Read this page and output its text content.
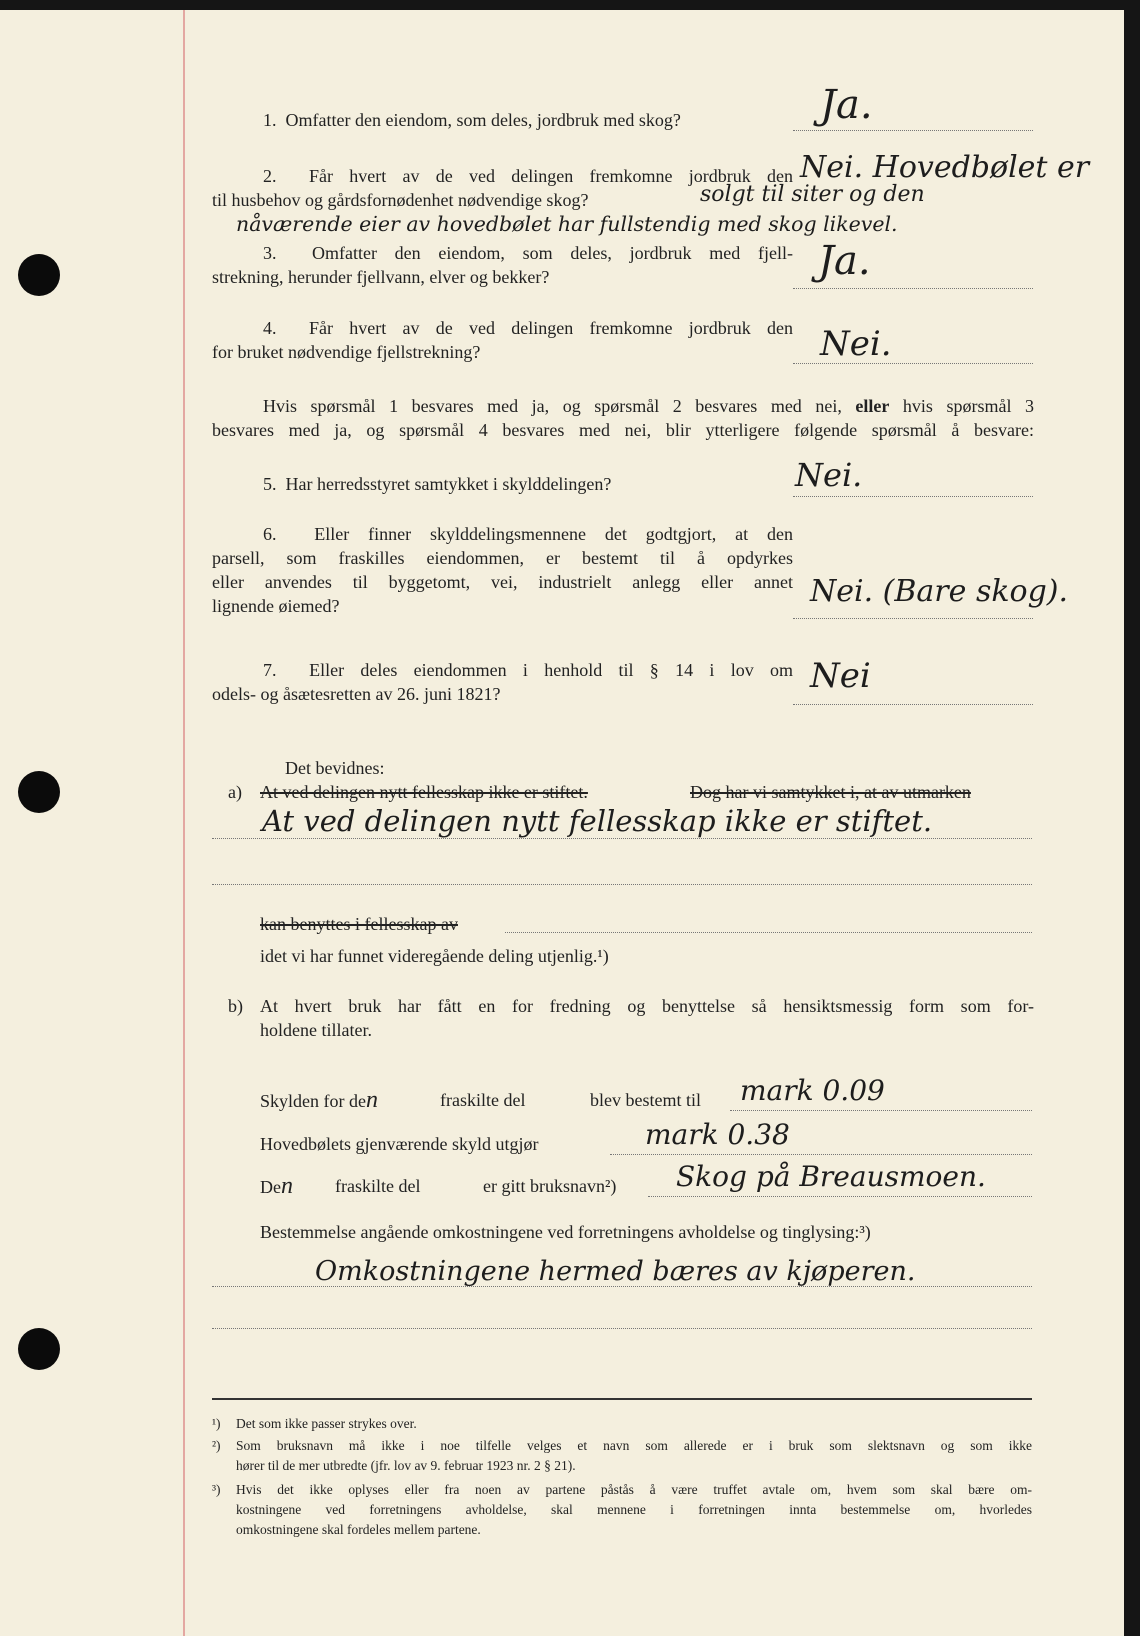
1. Omfatter den eiendom, som deles, jordbruk med skog?	Ja.
2. Får hvert av de ved delingen fremkomne jordbruk den
til husbehov og gårdsfornødenhet nødvendige skog?
Nei. Hovedbølet er
solgt til siter og den
nåværende eier av hovedbølet har fullstendig med skog likevel.
3. Omfatter den eiendom, som deles, jordbruk med fjell-
strekning, herunder fjellvann, elver og bekker?	Ja.
4. Får hvert av de ved delingen fremkomne jordbruk den
for bruket nødvendige fjellstrekning?	Nei.
Hvis spørsmål 1 besvares med ja, og spørsmål 2 besvares med nei, eller hvis spørsmål 3
besvares med ja, og spørsmål 4 besvares med nei, blir ytterligere følgende spørsmål å besvare:
5. Har herredsstyret samtykket i skylddelingen?	Nei.
6. Eller finner skylddelingsmennene det godtgjort, at den
parsell, som fraskilles eiendommen, er bestemt til å opdyrkes
eller anvendes til byggetomt, vei, industrielt anlegg eller annet
lignende øiemed?	Nei. (Bare skog).
7. Eller deles eiendommen i henhold til § 14 i lov om
odels- og åsætesretten av 26. juni 1821?	Nei
Det bevidnes:
a) At ved delingen nytt fellesskap ikke er stiftet.	Dog har vi samtykket i, at av utmarken
At ved delingen nytt fellesskap ikke er stiftet.
kan benyttes i fellesskap av
idet vi har funnet videregående deling utjenlig.¹)
b) At hvert bruk har fått en for fredning og benyttelse så hensiktsmessig form som for-
holdene tillater.
Skylden for den	fraskilte del	blev bestemt til mark 0.09
Hovedbølets gjenværende skyld utgjør	mark 0.38
Den fraskilte del	er gitt bruksnavn²) Skog på Breausmoen.
Bestemmelse angående omkostningene ved forretningens avholdelse og tinglysing:³)
Omkostningene hermed bæres av kjøperen.
¹) Det som ikke passer strykes over.
²) Som bruksnavn må ikke i noe tilfelle velges et navn som allerede er i bruk som slektsnavn og som ikke
hører til de mer utbredte (jfr. lov av 9. februar 1923 nr. 2 § 21).
³) Hvis det ikke oplyses eller fra noen av partene påstås å være truffet avtale om, hvem som skal bære om-
kostningene ved forretningens avholdelse, skal mennene i forretningen innta bestemmelse om, hvorledes
omkostningene skal fordeles mellem partene.
